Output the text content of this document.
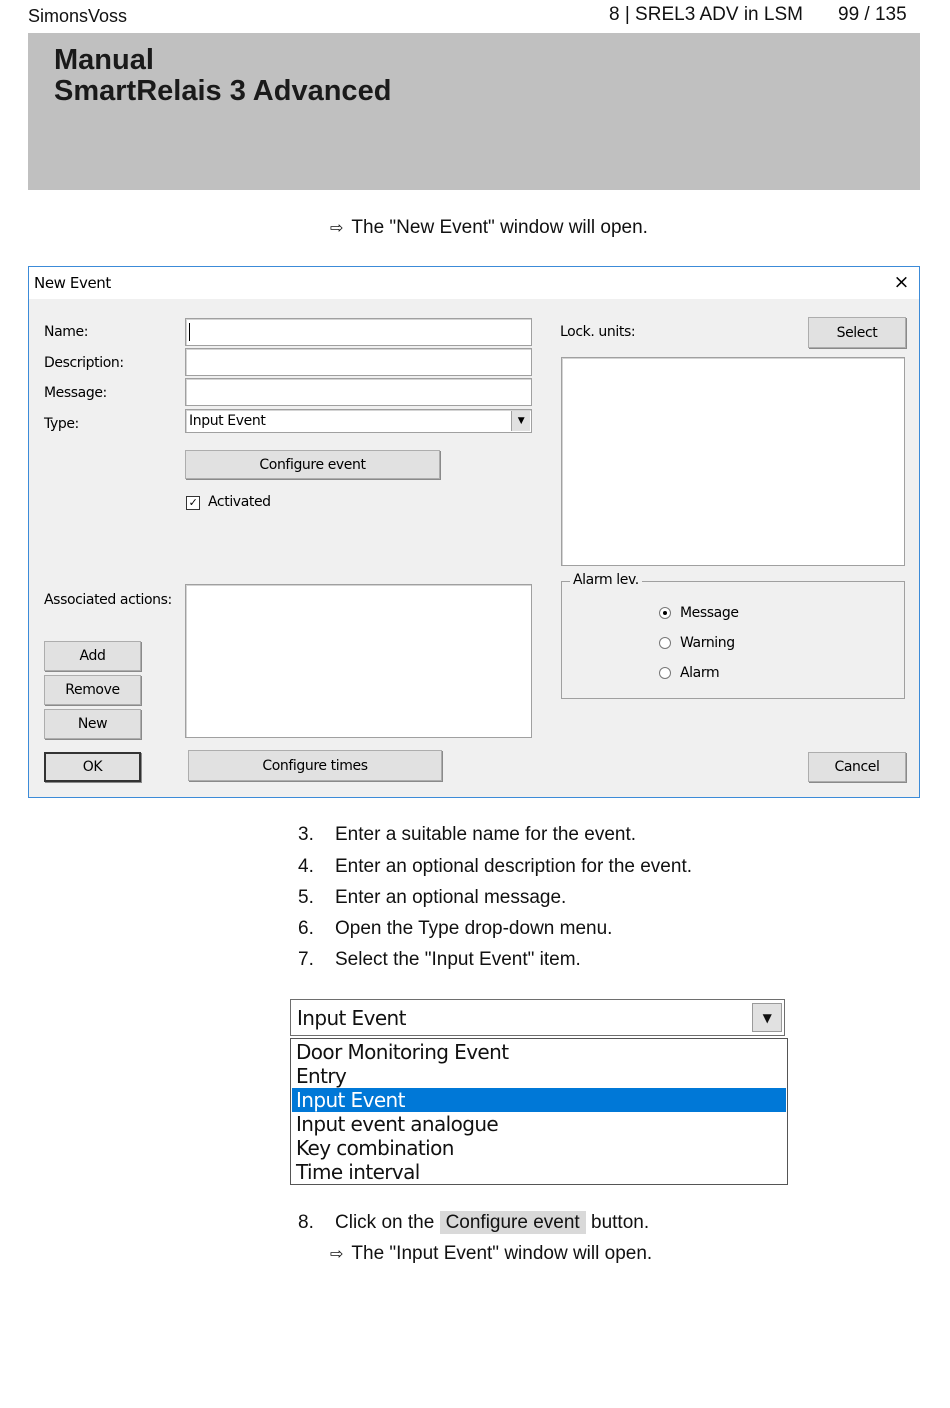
SimonsVoss	8 | SREL3 ADV in LSM 99 / 135
Manual
SmartRelais 3 Advanced
⇨ The "New Event" window will open.
New Event	×
Name:
Description:
Message:
Type:	Input Event	▼
Configure event
✓ Activated
Associated actions:
Add
Remove
New
OK	Configure times
Lock. units:	Select
Alarm lev.
Message
Warning
Alarm
Cancel
3. Enter a suitable name for the event.
4. Enter an optional description for the event.
5. Enter an optional message.
6. Open the Type drop-down menu.
7. Select the "Input Event" item.
Input Event	▼
Door Monitoring Event
Entry
Input Event
Input event analogue
Key combination
Time interval
8. Click on the Configure event button.
⇨ The "Input Event" window will open.
